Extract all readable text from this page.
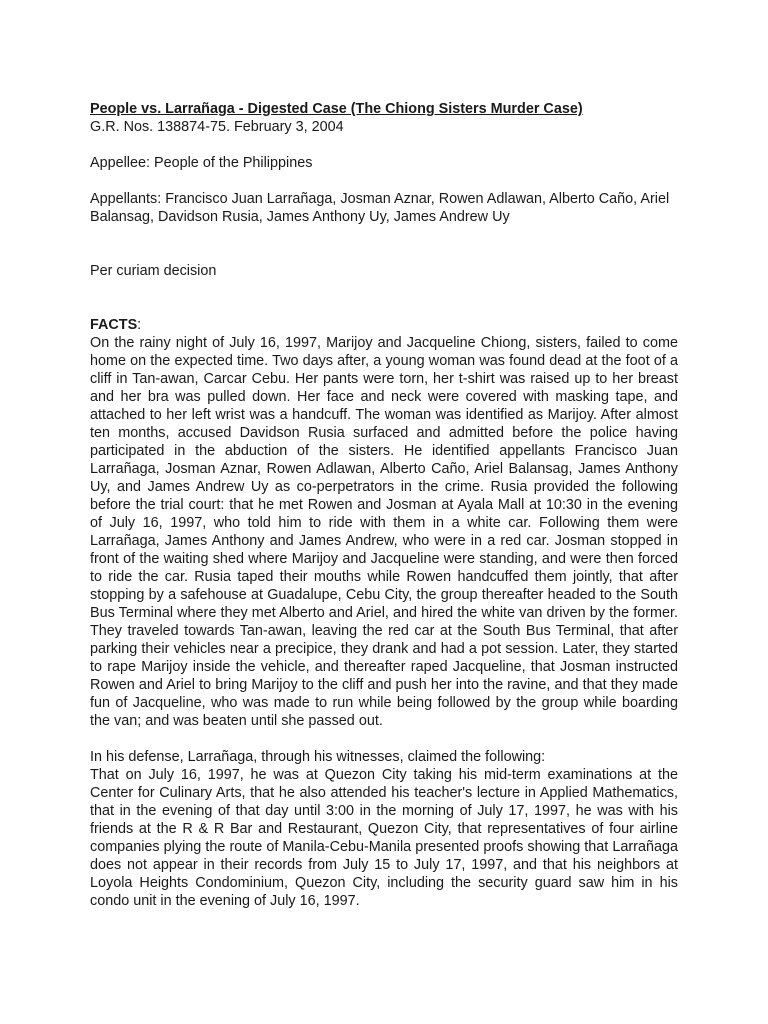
People vs. Larrañaga - Digested Case (The Chiong Sisters Murder Case)

G.R. Nos. 138874-75. February 3, 2004

Appellee: People of the Philippines

Appellants: Francisco Juan Larrañaga, Josman Aznar, Rowen Adlawan, Alberto Caño, Ariel Balansag, Davidson Rusia, James Anthony Uy, James Andrew Uy

Per curiam decision

FACTS:

On the rainy night of July 16, 1997, Marijoy and Jacqueline Chiong, sisters, failed to come home on the expected time. Two days after, a young woman was found dead at the foot of a cliff in Tan-awan, Carcar Cebu. Her pants were torn, her t-shirt was raised up to her breast and her bra was pulled down. Her face and neck were covered with masking tape, and attached to her left wrist was a handcuff. The woman was identified as Marijoy. After almost ten months, accused Davidson Rusia surfaced and admitted before the police having participated in the abduction of the sisters. He identified appellants Francisco Juan Larrañaga, Josman Aznar, Rowen Adlawan, Alberto Caño, Ariel Balansag, James Anthony Uy, and James Andrew Uy as co-perpetrators in the crime. Rusia provided the following before the trial court: that he met Rowen and Josman at Ayala Mall at 10:30 in the evening of July 16, 1997, who told him to ride with them in a white car. Following them were Larrañaga, James Anthony and James Andrew, who were in a red car. Josman stopped in front of the waiting shed where Marijoy and Jacqueline were standing, and were then forced to ride the car. Rusia taped their mouths while Rowen handcuffed them jointly, that after stopping by a safehouse at Guadalupe, Cebu City, the group thereafter headed to the South Bus Terminal where they met Alberto and Ariel, and hired the white van driven by the former. They traveled towards Tan-awan, leaving the red car at the South Bus Terminal, that after parking their vehicles near a precipice, they drank and had a pot session. Later, they started to rape Marijoy inside the vehicle, and thereafter raped Jacqueline, that Josman instructed Rowen and Ariel to bring Marijoy to the cliff and push her into the ravine, and that they made fun of Jacqueline, who was made to run while being followed by the group while boarding the van; and was beaten until she passed out.

In his defense, Larrañaga, through his witnesses, claimed the following:

That on July 16, 1997, he was at Quezon City taking his mid-term examinations at the Center for Culinary Arts, that he also attended his teacher's lecture in Applied Mathematics, that in the evening of that day until 3:00 in the morning of July 17, 1997, he was with his friends at the R & R Bar and Restaurant, Quezon City, that representatives of four airline companies plying the route of Manila-Cebu-Manila presented proofs showing that Larrañaga does not appear in their records from July 15 to July 17, 1997, and that his neighbors at Loyola Heights Condominium, Quezon City, including the security guard saw him in his condo unit in the evening of July 16, 1997.
